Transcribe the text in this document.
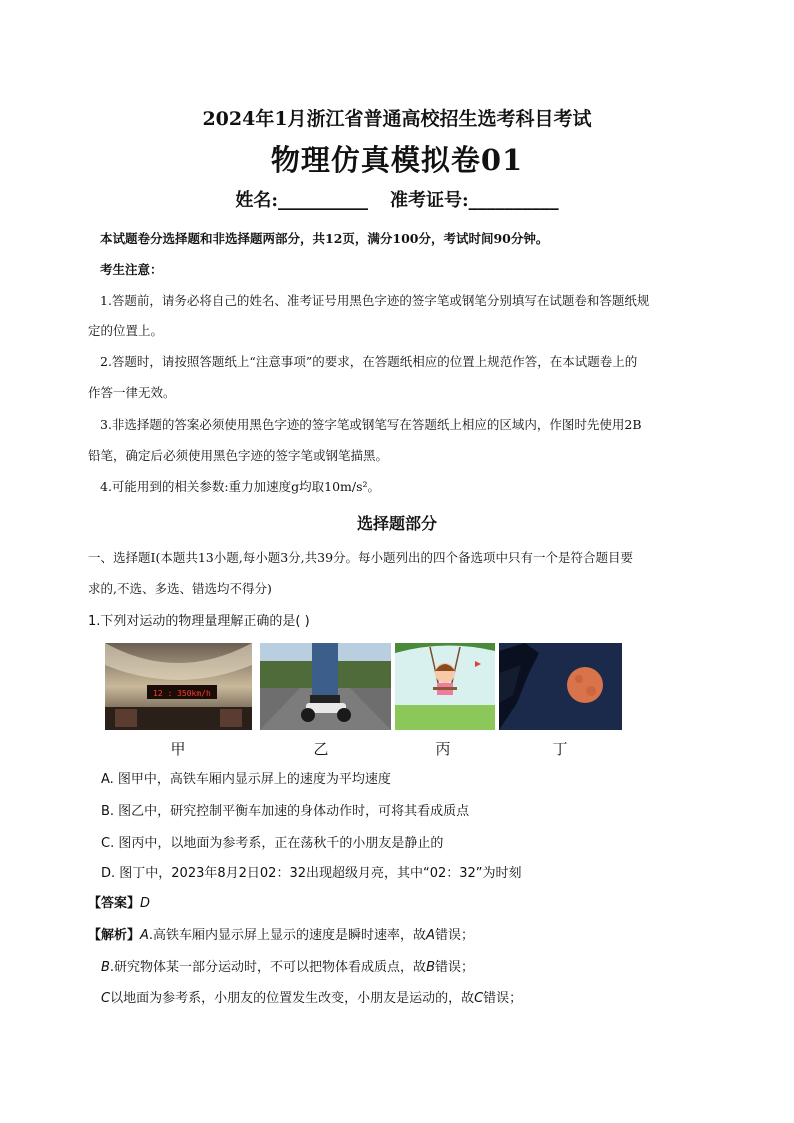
2024年1月浙江省普通高校招生选考科目考试
物理仿真模拟卷01
姓名:__________ 准考证号:__________
本试题卷分选择题和非选择题两部分，共12页，满分100分，考试时间90分钟。
考生注意：
1.答题前，请务必将自己的姓名、准考证号用黑色字迹的签字笔或钢笔分别填写在试题卷和答题纸规
定的位置上。
2.答题时，请按照答题纸上“注意事项”的要求，在答题纸相应的位置上规范作答，在本试题卷上的
作答一律无效。
3.非选择题的答案必须使用黑色字迹的签字笔或钢笔写在答题纸上相应的区域内，作图时先使用2B
铅笔，确定后必须使用黑色字迹的签字笔或钢笔描黑。
4.可能用到的相关参数:重力加速度g均取10m/s²。
选择题部分
一、选择题Ⅰ(本题共13小题,每小题3分,共39分。每小题列出的四个备选项中只有一个是符合题目要
求的,不选、多选、错选均不得分)
1.下列对运动的物理量理解正确的是( )
12 : 350km/h
甲	乙	丙	丁
A. 图甲中，高铁车厢内显示屏上的速度为平均速度
B. 图乙中，研究控制平衡车加速的身体动作时，可将其看成质点
C. 图丙中，以地面为参考系，正在荡秋千的小朋友是静止的
D. 图丁中，2023年8月2日02：32出现超级月亮，其中“02：32”为时刻
【答案】D
【解析】A.高铁车厢内显示屏上显示的速度是瞬时速率，故A错误；
B.研究物体某一部分运动时，不可以把物体看成质点，故B错误；
C以地面为参考系，小朋友的位置发生改变，小朋友是运动的，故C错误；
